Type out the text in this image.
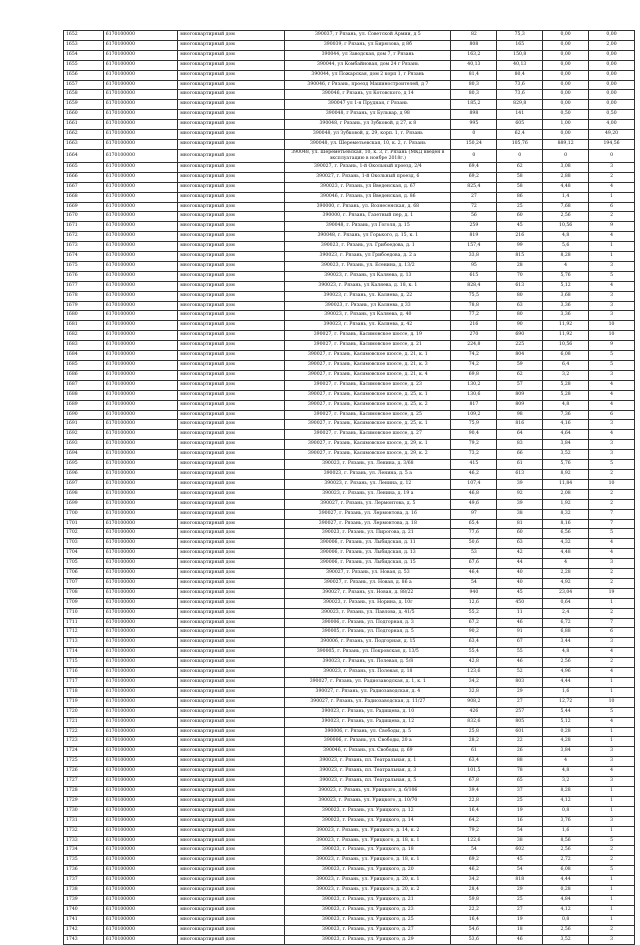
1652	6170100000	многоквартирный дом	390037, г Рязань, ул. Советской Армии, д 5	82	75,3	0,00	0,00
1653	6170100000	многоквартирный дом	390039, г Рязань, ул Бирюзова, д 8б	808	165	0,00	2,00
1654	6170100000	многоквартирный дом	390044, ул Заводская, дом 7, г Рязань	163,2	150,8	0,00	0,00
1655	6170100000	многоквартирный дом	390044, ул Комбайновая, дом 24 г Рязань	40,13	40,13	0,00	0,00
1656	6170100000	многоквартирный дом	390044, ул Пожарская, дом 2 корп 1, г Рязань	81,4	80,4	0,00	0,00
1657	6170100000	многоквартирный дом	390046, г Рязань, проезд Машиностроителей, д 7	80,3	73,6	0,00	0,00
1658	6170100000	многоквартирный дом	390046, г Рязань, ул Котовского, д 14	80,3	73,6	0,00	0,00
1659	6170100000	многоквартирный дом	390047 ул 1-я Прудная, г Рязань	185,2	829,8	0,00	0,00
1660	6170100000	многоквартирный дом	390048, г Рязань, ул Бульвар, д 98	898	141	0,50	0,50
1661	6170100000	многоквартирный дом	390048, г Рязань, ул Зубковой, д 27, к 8	995	605	1,00	4,00
1662	6170100000	многоквартирный дом	390048, ул Зубковой, д. 29, корп. 1, г. Рязань	0	62,4	0,00	49,20
1663	6170100000	многоквартирный дом	390048, ул. Шереметьевская, 10, к. 2, г. Рязань	150,24	105,76	889,12	194,56
1664	6170100000	многоквартирный дом	390048, ул. Шереметьевская, 10, к. 3, г. Рязань (МКД введен в эксплуатацию в ноябре 2018г.)	0	0	0	0
1665	6170100000	многоквартирный дом	390027, г. Рязань, 1-й Окольный проезд, 2/4	69,4	62	3,08	3
1666	6170100000	многоквартирный дом	390027, г. Рязань, 1-й Окольный проезд, 6	69,2	58	2,88	2
1667	6170100000	многоквартирный дом	390023, г. Рязань, ул Введенская, д. 67	825,4	58	4,48	4
1668	6170100000	многоквартирный дом	390046, г. Рязань, ул Введенская, д. 86	27	86	1,4	1
1669	6170100000	многоквартирный дом	390000, г. Рязань, ул. Вознесенская, д. 68	72	25	7,68	6
1670	6170100000	многоквартирный дом	390000, г. Рязань, Газетный пер, д. 1	56	60	2,56	2
1671	6170100000	многоквартирный дом	390048, г. Рязань, ул Гоголя, д. 15	259	45	10,56	9
1672	6170100000	многоквартирный дом	390048, г. Рязань, ул Горького, д. 15, к. 1	819	216	4,8	4
1673	6170100000	многоквартирный дом	390023, г. Рязань, ул. Грибоедова, д. 1	157,4	99	5,6	1
1674	6170100000	многоквартирный дом	390023, г. Рязань, ул Грибоедова, д. 2 а	33,8	815	8,28	1
1675	6170100000	многоквартирный дом	390023, г. Рязань, ул. Есенина, д. 13/2	95	28	4	3
1676	6170100000	многоквартирный дом	390023, г. Рязань, ул Каляева, д. 13	615	70	5,76	5
1677	6170100000	многоквартирный дом	390023, г. Рязань, ул Каляева, д. 18, к. 1	828,4	613	5,12	4
1678	6170100000	многоквартирный дом	390023, г. Рязань, ул. Каляева, д. 22	75,5	80	3,68	3
1679	6170100000	многоквартирный дом	390023, г. Рязань, ул Каляева, д 33	78,8	63	3,36	3
1680	6170100000	многоквартирный дом	390023, г. Рязань, ул Каляева, д. 40	77,2	80	3,36	3
1681	6170100000	многоквартирный дом	390023, г. Рязань, ул. Каляева, д. 42	216	90	11,92	10
1682	6170100000	многоквартирный дом	390027, г. Рязань, Касимовское шоссе, д. 19	270	690	11,92	10
1683	6170100000	многоквартирный дом	390027, г. Рязань, Касимовское шоссе, д. 21	224,8	225	10,56	9
1684	6170100000	многоквартирный дом	390027, г. Рязань, Касимовское шоссе, д. 21, к. 1	74,2	804	6,08	5
1685	6170100000	многоквартирный дом	390027, г. Рязань, Касимовское шоссе, д. 21, к. 3	74,2	59	6,4	5
1686	6170100000	многоквартирный дом	390027, г. Рязань, Касимовское шоссе, д. 21, к. 4	69,8	62	3,2	3
1687	6170100000	многоквартирный дом	390027, г. Рязань, Касимовское шоссе, д. 23	130,2	57	5,28	4
1688	6170100000	многоквартирный дом	390027, г. Рязань, Касимовское шоссе, д. 25, к. 1	130,6	809	5,28	4
1689	6170100000	многоквартирный дом	390027, г. Рязань, Касимовское шоссе, д. 25, к. 2	817	809	4,8	4
1690	6170100000	многоквартирный дом	390027, г. Рязань, Касимовское шоссе, д. 25	109,2	98	7,36	6
1691	6170100000	многоквартирный дом	390027, г. Рязань, Касимовское шоссе, д. 25, к. 1	75,9	816	4,16	3
1692	6170100000	многоквартирный дом	390027, г. Рязань, Касимовское шоссе, д. 27	90,4	64	4,64	4
1693	6170100000	многоквартирный дом	390027, г. Рязань, Касимовское шоссе, д. 29, к. 1	79,2	83	3,84	3
1694	6170100000	многоквартирный дом	390027, г. Рязань, Касимовское шоссе, д. 29, к. 2	73,2	66	3,52	3
1695	6170100000	многоквартирный дом	390023, г. Рязань, ул. Ленина, д. 3/68	415	61	5,76	5
1696	6170100000	многоквартирный дом	390023, г. Рязань, ул. Ленина, д. 5 а	46,2	613	8,92	2
1697	6170100000	многоквартирный дом	390023, г. Рязань, ул. Ленина, д. 12	107,4	39	11,84	10
1698	6170100000	многоквартирный дом	390023, г. Рязань, ул. Ленина, д. 19 а	46,8	92	2,08	2
1699	6170100000	многоквартирный дом	390027, г. Рязань, ул. Лермонтова, д. 5	49,6	39	1,92	2
1700	6170100000	многоквартирный дом	390027, г. Рязань, ул. Лермонтова, д. 16	97	38	8,32	7
1701	6170100000	многоквартирный дом	390027, г. Рязань, ул. Лермонтова, д. 18	65,4	81	8,16	7
1702	6170100000	многоквартирный дом	390023, г. Рязань, ул. Пирогова, д. 21	77,6	60	6,56	5
1703	6170100000	многоквартирный дом	390006, г. Рязань, ул. Лыбидская, д. 11	50,6	63	4,32	4
1704	6170100000	многоквартирный дом	390006, г. Рязань, ул. Лыбидская, д. 13	53	42	4,48	4
1705	6170100000	многоквартирный дом	390006, г. Рязань, ул. Лыбидская, д. 15	67,6	44	4	3
1706	6170100000	многоквартирный дом	390027, г. Рязань, ул. Новая, д. 53	46,4	40	2,28	2
1707	6170100000	многоквартирный дом	390027, г. Рязань, ул. Новая, д. 86 а	54	40	4,92	2
1708	6170100000	многоквартирный дом	390027, г. Рязань, ул. Новая, д. 88/22	940	45	23,04	19
1709	6170100000	многоквартирный дом	390023, г. Рязань, ул. Норина, д. 10г	12,6	450	0,64	1
1710	6170100000	многоквартирный дом	390023, г. Рязань, ул. Павлова, д. 41/5	55,2	11	2,4	2
1711	6170100000	многоквартирный дом	390006, г. Рязань, ул. Подгорная, д. 3	67,2	46	6,72	7
1712	6170100000	многоквартирный дом	390005, г. Рязань, ул. Подгорная, д. 5	90,2	91	6,88	6
1713	6170100000	многоквартирный дом	390006, г. Рязань, ул. Подгорная, д. 15	63,4	67	3,44	3
1714	6170100000	многоквартирный дом	390005, г. Рязань, ул. Покровская, д. 13/5	55,4	55	4,8	4
1715	6170100000	многоквартирный дом	390023, г. Рязань, ул. Полевая, д. 5/8	42,8	46	2,56	2
1716	6170100000	многоквартирный дом	390023, г. Рязань, ул. Полевая, д. 18	123,6	52	4,96	4
1717	6170100000	многоквартирный дом	390027, г. Рязань, ул. Радиозаводская, д. 1, к. 1	34,2	803	4,44	1
1718	6170100000	многоквартирный дом	390027, г. Рязань, ул. Радиозаводская, д. 4	32,8	29	1,6	1
1719	6170100000	многоквартирный дом	390027, г. Рязань, ул. Радиозаводская, д. 11/27	908,2	27	12,72	10
1720	6170100000	многоквартирный дом	390023, г. Рязань, ул. Радищева, д. 10	426	257	5,44	5
1721	6170100000	многоквартирный дом	390023, г. Рязань, ул. Радищева, д. 12	832,6	805	5,12	4
1722	6170100000	многоквартирный дом	390006, г. Рязань, ул. Свободы, д. 5	25,8	601	0,28	1
1723	6170100000	многоквартирный дом	390006, г. Рязань, ул. Свободы, 20 а	28,2	22	4,28	1
1724	6170100000	многоквартирный дом	390046, г. Рязань, ул. Свободы, д. 69	61	26	3,84	3
1725	6170100000	многоквартирный дом	390023, г. Рязань, пл. Театральная, д. 1	63,4	88	4	3
1726	6170100000	многоквартирный дом	390023, г. Рязань, пл. Театральная, д. 3	101,5	78	4,8	4
1727	6170100000	многоквартирный дом	390023, г. Рязань, пл. Театральная, д. 5	67,8	65	3,2	3
1728	6170100000	многоквартирный дом	390023, г. Рязань, ул. Урицкого, д. 6/106	39,4	37	8,28	1
1729	6170100000	многоквартирный дом	390023, г. Рязань, ул. Урицкого, д. 10/70	22,8	25	4,12	1
1730	6170100000	многоквартирный дом	390023, г. Рязань, ул. Урицкого, д. 12	16,4	19	0,8	1
1731	6170100000	многоквартирный дом	390023, г. Рязань, ул. Урицкого, д. 14	64,2	16	3,76	3
1732	6170100000	многоквартирный дом	390023, г. Рязань, ул. Урицкого, д. 14, к. 2	79,2	54	1,6	1
1733	6170100000	многоквартирный дом	390023, г. Рязань, ул. Урицкого, д. 18, к. 1	122,6	38	8,56	5
1734	6170100000	многоквартирный дом	390023, г. Рязань, ул. Урицкого, д. 18	54	602	2,56	2
1735	6170100000	многоквартирный дом	390023, г. Рязань, ул. Урицкого, д. 18, к. 1	69,2	45	2,72	2
1736	6170100000	многоквартирный дом	390023, г. Рязань, ул. Урицкого, д. 20	46,2	54	6,08	5
1737	6170100000	многоквартирный дом	390023, г. Рязань, ул. Урицкого, д. 20, к. 1	34,2	818	4,44	1
1738	6170100000	многоквартирный дом	390023, г. Рязань, ул. Урицкого, д. 20, к. 2	28,4	29	0,28	1
1739	6170100000	многоквартирный дом	390023, г. Рязань, ул. Урицкого, д. 21	59,8	25	4,84	1
1740	6170100000	многоквартирный дом	390023, г. Рязань, ул. Урицкого, д. 23	22,2	27	4,12	1
1741	6170100000	многоквартирный дом	390023, г. Рязань, ул. Урицкого, д. 25	16,4	19	0,8	1
1742	6170100000	многоквартирный дом	390023, г. Рязань, ул. Урицкого, д. 27	54,6	18	2,56	2
1743	6170100000	многоквартирный дом	390023, г. Рязань, ул. Урицкого, д. 29	53,6	46	3,52	3
